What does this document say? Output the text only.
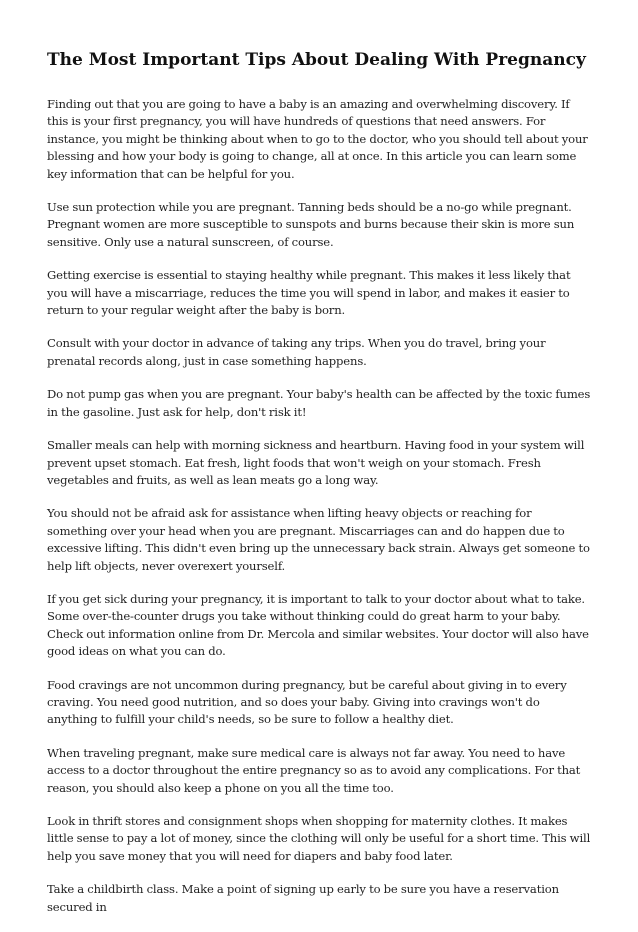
The Most Important Tips About Dealing With Pregnancy

Finding out that you are going to have a baby is an amazing and overwhelming discovery. If this is your first pregnancy, you will have hundreds of questions that need answers. For instance, you might be thinking about when to go to the doctor, who you should tell about your blessing and how your body is going to change, all at once. In this article you can learn some key information that can be helpful for you.

Use sun protection while you are pregnant. Tanning beds should be a no-go while pregnant. Pregnant women are more susceptible to sunspots and burns because their skin is more sun sensitive. Only use a natural sunscreen, of course.

Getting exercise is essential to staying healthy while pregnant. This makes it less likely that you will have a miscarriage, reduces the time you will spend in labor, and makes it easier to return to your regular weight after the baby is born.

Consult with your doctor in advance of taking any trips. When you do travel, bring your prenatal records along, just in case something happens.

Do not pump gas when you are pregnant. Your baby's health can be affected by the toxic fumes in the gasoline. Just ask for help, don't risk it!

Smaller meals can help with morning sickness and heartburn. Having food in your system will prevent upset stomach. Eat fresh, light foods that won't weigh on your stomach. Fresh vegetables and fruits, as well as lean meats go a long way.

You should not be afraid ask for assistance when lifting heavy objects or reaching for something over your head when you are pregnant. Miscarriages can and do happen due to excessive lifting. This didn't even bring up the unnecessary back strain. Always get someone to help lift objects, never overexert yourself.

If you get sick during your pregnancy, it is important to talk to your doctor about what to take. Some over-the-counter drugs you take without thinking could do great harm to your baby. Check out information online from Dr. Mercola and similar websites. Your doctor will also have good ideas on what you can do.

Food cravings are not uncommon during pregnancy, but be careful about giving in to every craving. You need good nutrition, and so does your baby. Giving into cravings won't do anything to fulfill your child's needs, so be sure to follow a healthy diet.

When traveling pregnant, make sure medical care is always not far away. You need to have access to a doctor throughout the entire pregnancy so as to avoid any complications. For that reason, you should also keep a phone on you all the time too.

Look in thrift stores and consignment shops when shopping for maternity clothes. It makes little sense to pay a lot of money, since the clothing will only be useful for a short time. This will help you save money that you will need for diapers and baby food later.

Take a childbirth class. Make a point of signing up early to be sure you have a reservation secured in
